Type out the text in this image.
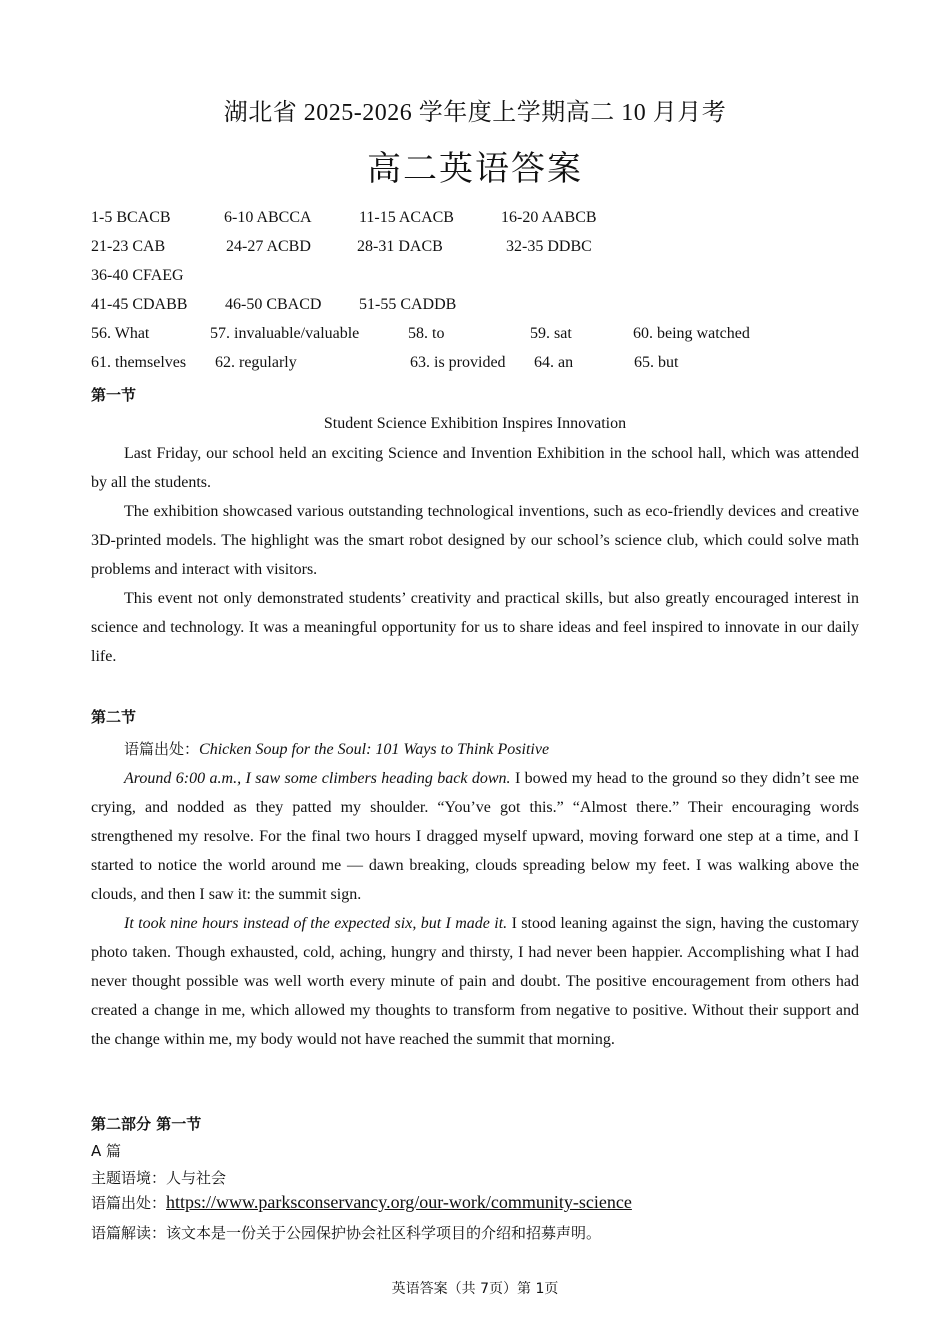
湖北省 2025-2026 学年度上学期高二 10 月月考
高二英语答案
1-5 BCACB	6-10 ABCCA	11-15 ACACB	16-20 AABCB
21-23 CAB	24-27 ACBD	28-31 DACB	32-35 DDBC
36-40 CFAEG
41-45 CDABB 46-50 CBACD 51-55 CADDB
56. What	57. invaluable/valuable	58. to	59. sat	60. being watched
61. themselves 62. regularly	63. is provided 64. an	65. but
第一节
Student Science Exhibition Inspires Innovation

Last Friday, our school held an exciting Science and Invention Exhibition in the school hall, which was attended by all the students.

The exhibition showcased various outstanding technological inventions, such as eco-friendly devices and creative 3D-printed models. The highlight was the smart robot designed by our school’s science club, which could solve math problems and interact with visitors.

This event not only demonstrated students’ creativity and practical skills, but also greatly encouraged interest in science and technology. It was a meaningful opportunity for us to share ideas and feel inspired to innovate in our daily life.

第二节
语篇出处：Chicken Soup for the Soul: 101 Ways to Think Positive

Around 6:00 a.m., I saw some climbers heading back down. I bowed my head to the ground so they didn’t see me crying, and nodded as they patted my shoulder. “You’ve got this.” “Almost there.” Their encouraging words strengthened my resolve. For the final two hours I dragged myself upward, moving forward one step at a time, and I started to notice the world around me — dawn breaking, clouds spreading below my feet. I was walking above the clouds, and then I saw it: the summit sign.

It took nine hours instead of the expected six, but I made it. I stood leaning against the sign, having the customary photo taken. Though exhausted, cold, aching, hungry and thirsty, I had never been happier. Accomplishing what I had never thought possible was well worth every minute of pain and doubt. The positive encouragement from others had created a change in me, which allowed my thoughts to transform from negative to positive. Without their support and the change within me, my body would not have reached the summit that morning.

第二部分 第一节
A 篇
主题语境：人与社会
语篇出处：https://www.parksconservancy.org/our-work/community-science
语篇解读：该文本是一份关于公园保护协会社区科学项目的介绍和招募声明。
英语答案（共 7页）第 1页
